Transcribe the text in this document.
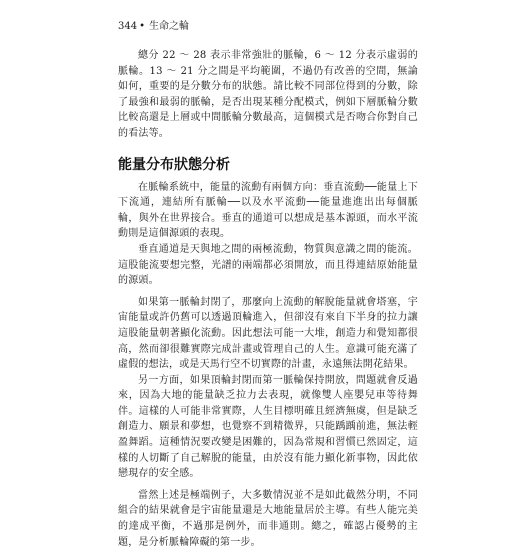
344 • 生命之輪

總分 22 ～ 28 表示非常強壯的脈輪，6 ～ 12 分表示虛弱的脈輪。13 ～ 21 分之間是平均範圍，不過仍有改善的空間，無論如何，重要的是分數分布的狀態。請比較不同部位得到的分數，除了最強和最弱的脈輪，是否出現某種分配模式，例如下層脈輪分數比較高還是上層或中間脈輪分數最高，這個模式是否吻合你對自己的看法等。

能量分布狀態分析

在脈輪系統中，能量的流動有兩個方向：垂直流動──能量上下下流通，連結所有脈輪──以及水平流動──能量進進出出每個脈輪，與外在世界接合。垂直的通道可以想成是基本源頭，而水平流動則是這個源頭的表現。

垂直通道是天與地之間的兩極流動，物質與意識之間的能流。這股能流要想完整，光譜的兩端都必須開放，而且得連結原始能量的源頭。

如果第一脈輪封閉了，那麼向上流動的解脫能量就會塔塞，宇宙能量或許仍舊可以透過頂輪進入，但卻沒有來自下半身的拉力讓這股能量朝著顯化流動。因此想法可能一大堆，創造力和覺知都很高，然而卻很難實際完成計畫或管理自己的人生。意識可能充滿了虛假的想法，或是天馬行空不切實際的計畫，永遠無法開花結果。

另一方面，如果頂輪封閉而第一脈輪保持開放，問題就會反過來，因為大地的能量缺乏拉力去表現，就像雙人座嬰兒車等待舞伴。這樣的人可能非常實際，人生目標明確且經濟無虞，但是缺乏創造力、願景和夢想，也覺察不到精微界，只能踽踽前進，無法輕盈舞蹈。這種情況要改變是困難的，因為常規和習慣已然固定，這樣的人切斷了自己解脫的能量，由於沒有能力顯化新事物，因此依戀現存的安全感。

當然上述是極端例子，大多數情況並不是如此截然分明，不同組合的結果就會是宇宙能量還是大地能量居於主導。有些人能完美的達成平衡，不過那是例外，而非通則。總之，確認占優勢的主題，是分析脈輪障礙的第一步。
